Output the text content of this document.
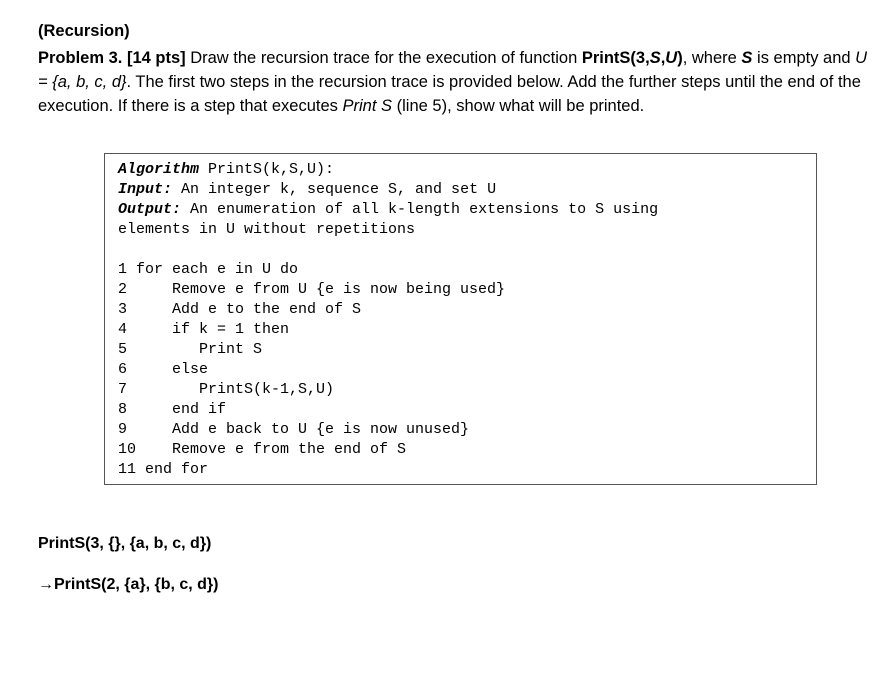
(Recursion)
Problem 3. [14 pts] Draw the recursion trace for the execution of function PrintS(3,S,U), where S is empty and U = {a, b, c, d}. The first two steps in the recursion trace is provided below. Add the further steps until the end of the execution. If there is a step that executes Print S (line 5), show what will be printed.
Algorithm PrintS(k,S,U):
Input: An integer k, sequence S, and set U
Output: An enumeration of all k-length extensions to S using
elements in U without repetitions
1 for each e in U do
2     Remove e from U {e is now being used}
3     Add e to the end of S
4     if k = 1 then
5        Print S
6     else
7        PrintS(k-1,S,U)
8     end if
9     Add e back to U {e is now unused}
10    Remove e from the end of S
11 end for
PrintS(3, {}, {a, b, c, d})
→PrintS(2, {a}, {b, c, d})
